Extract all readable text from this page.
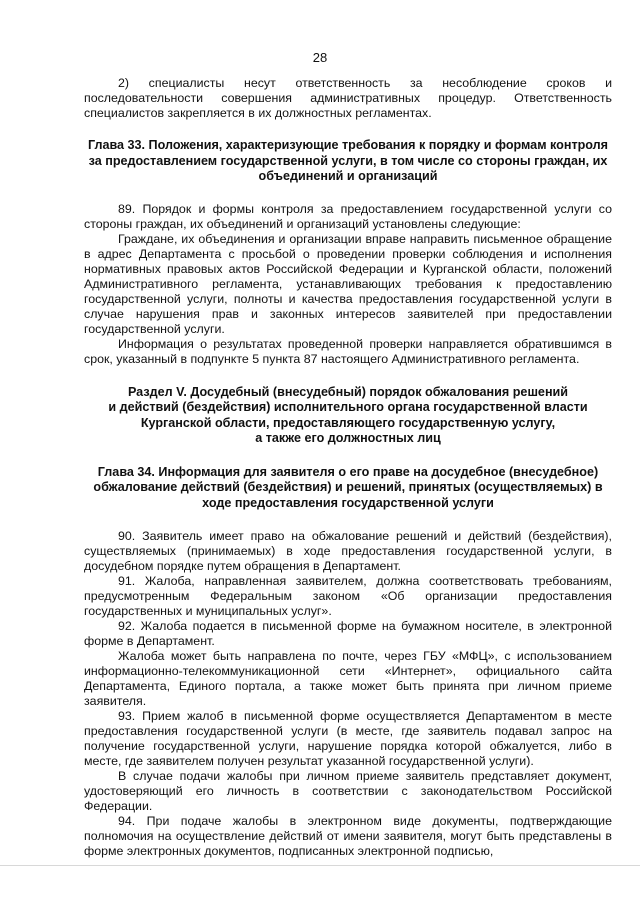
28

2) специалисты несут ответственность за несоблюдение сроков и последовательности совершения административных процедур. Ответственность специалистов закрепляется в их должностных регламентах.

Глава 33. Положения, характеризующие требования к порядку и формам контроля за предоставлением государственной услуги, в том числе со стороны граждан, их объединений и организаций

89. Порядок и формы контроля за предоставлением государственной услуги со стороны граждан, их объединений и организаций установлены следующие:

Граждане, их объединения и организации вправе направить письменное обращение в адрес Департамента с просьбой о проведении проверки соблюдения и исполнения нормативных правовых актов Российской Федерации и Курганской области, положений Административного регламента, устанавливающих требования к предоставлению государственной услуги, полноты и качества предоставления государственной услуги в случае нарушения прав и законных интересов заявителей при предоставлении государственной услуги.

Информация о результатах проведенной проверки направляется обратившимся в срок, указанный в подпункте 5 пункта 87 настоящего Административного регламента.

Раздел V. Досудебный (внесудебный) порядок обжалования решений

и действий (бездействия) исполнительного органа государственной власти

Курганской области, предоставляющего государственную услугу,

а также его должностных лиц

Глава 34. Информация для заявителя о его праве на досудебное (внесудебное) обжалование действий (бездействия) и решений, принятых (осуществляемых) в ходе предоставления государственной услуги

90. Заявитель имеет право на обжалование решений и действий (бездействия), существляемых (принимаемых) в ходе предоставления государственной услуги, в досудебном порядке путем обращения в Департамент.

91. Жалоба, направленная заявителем, должна соответствовать требованиям, предусмотренным Федеральным законом «Об организации предоставления государственных и муниципальных услуг».

92. Жалоба подается в письменной форме на бумажном носителе, в электронной форме в Департамент.

Жалоба может быть направлена по почте, через ГБУ «МФЦ», с использованием информационно-телекоммуникационной сети «Интернет», официального сайта Департамента, Единого портала, а также может быть принята при личном приеме заявителя.

93. Прием жалоб в письменной форме осуществляется Департаментом в месте предоставления государственной услуги (в месте, где заявитель подавал запрос на получение государственной услуги, нарушение порядка которой обжалуется, либо в месте, где заявителем получен результат указанной государственной услуги).

В случае подачи жалобы при личном приеме заявитель представляет документ, удостоверяющий его личность в соответствии с законодательством Российской Федерации.

94. При подаче жалобы в электронном виде документы, подтверждающие полномочия на осуществление действий от имени заявителя, могут быть представлены в форме электронных документов, подписанных электронной подписью,
